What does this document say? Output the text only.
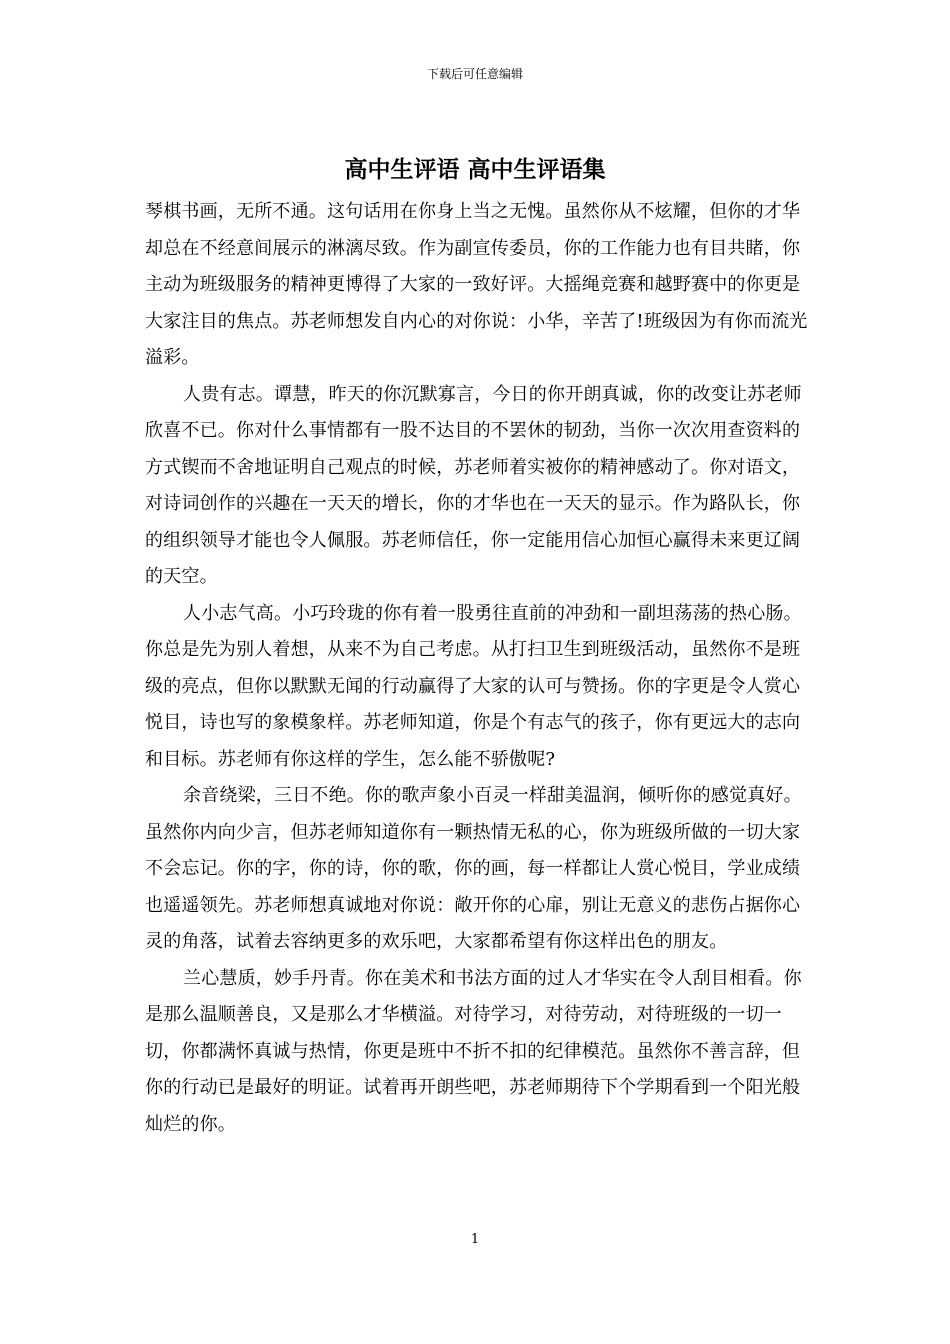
下载后可任意编辑
高中生评语 高中生评语集

琴棋书画，无所不通。这句话用在你身上当之无愧。虽然你从不炫耀，但你的才华却总在不经意间展示的淋漓尽致。作为副宣传委员，你的工作能力也有目共睹，你主动为班级服务的精神更博得了大家的一致好评。大摇绳竞赛和越野赛中的你更是大家注目的焦点。苏老师想发自内心的对你说：小华，辛苦了!班级因为有你而流光溢彩。

人贵有志。谭慧，昨天的你沉默寡言，今日的你开朗真诚，你的改变让苏老师欣喜不已。你对什么事情都有一股不达目的不罢休的韧劲，当你一次次用查资料的方式锲而不舍地证明自己观点的时候，苏老师着实被你的精神感动了。你对语文，对诗词创作的兴趣在一天天的增长，你的才华也在一天天的显示。作为路队长，你的组织领导才能也令人佩服。苏老师信任，你一定能用信心加恒心赢得未来更辽阔的天空。

人小志气高。小巧玲珑的你有着一股勇往直前的冲劲和一副坦荡荡的热心肠。你总是先为别人着想，从来不为自己考虑。从打扫卫生到班级活动，虽然你不是班级的亮点，但你以默默无闻的行动赢得了大家的认可与赞扬。你的字更是令人赏心悦目，诗也写的象模象样。苏老师知道，你是个有志气的孩子，你有更远大的志向和目标。苏老师有你这样的学生，怎么能不骄傲呢?

余音绕梁，三日不绝。你的歌声象小百灵一样甜美温润，倾听你的感觉真好。虽然你内向少言，但苏老师知道你有一颗热情无私的心，你为班级所做的一切大家不会忘记。你的字，你的诗，你的歌，你的画，每一样都让人赏心悦目，学业成绩也遥遥领先。苏老师想真诚地对你说：敞开你的心扉，别让无意义的悲伤占据你心灵的角落，试着去容纳更多的欢乐吧，大家都希望有你这样出色的朋友。

兰心慧质，妙手丹青。你在美术和书法方面的过人才华实在令人刮目相看。你是那么温顺善良，又是那么才华横溢。对待学习，对待劳动，对待班级的一切一切，你都满怀真诚与热情，你更是班中不折不扣的纪律模范。虽然你不善言辞，但你的行动已是最好的明证。试着再开朗些吧，苏老师期待下个学期看到一个阳光般灿烂的你。

1
